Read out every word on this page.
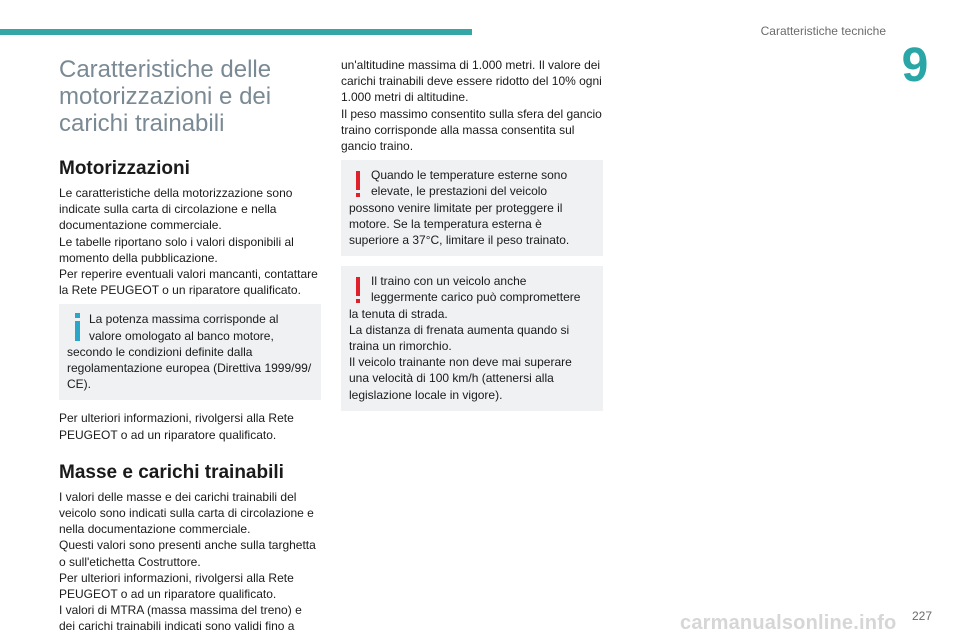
Caratteristiche tecniche
9
Caratteristiche delle motorizzazioni e dei carichi trainabili
Motorizzazioni

Le caratteristiche della motorizzazione sono
indicate sulla carta di circolazione e nella
documentazione commerciale.
Le tabelle riportano solo i valori disponibili al
momento della pubblicazione.
Per reperire eventuali valori mancanti, contattare
la Rete PEUGEOT o un riparatore qualificato.

La potenza massima corrisponde al
valore omologato al banco motore,
secondo le condizioni definite dalla
regolamentazione europea (Direttiva 1999/99/
CE).

Per ulteriori informazioni, rivolgersi alla Rete
PEUGEOT o ad un riparatore qualificato.

Masse e carichi trainabili

I valori delle masse e dei carichi trainabili del
veicolo sono indicati sulla carta di circolazione e
nella documentazione commerciale.
Questi valori sono presenti anche sulla targhetta
o sull'etichetta Costruttore.
Per ulteriori informazioni, rivolgersi alla Rete
PEUGEOT o ad un riparatore qualificato.
I valori di MTRA (massa massima del treno) e
dei carichi trainabili indicati sono validi fino a

un'altitudine massima di 1.000 metri. Il valore dei
carichi trainabili deve essere ridotto del 10% ogni
1.000 metri di altitudine.
Il peso massimo consentito sulla sfera del gancio
traino corrisponde alla massa consentita sul
gancio traino.

Quando le temperature esterne sono
elevate, le prestazioni del veicolo
possono venire limitate per proteggere il
motore. Se la temperatura esterna è
superiore a 37°C, limitare il peso trainato.
Il traino con un veicolo anche
leggermente carico può compromettere
la tenuta di strada.
La distanza di frenata aumenta quando si
traina un rimorchio.
Il veicolo trainante non deve mai superare
una velocità di 100 km/h (attenersi alla
legislazione locale in vigore).
227
carmanualsonline.info
